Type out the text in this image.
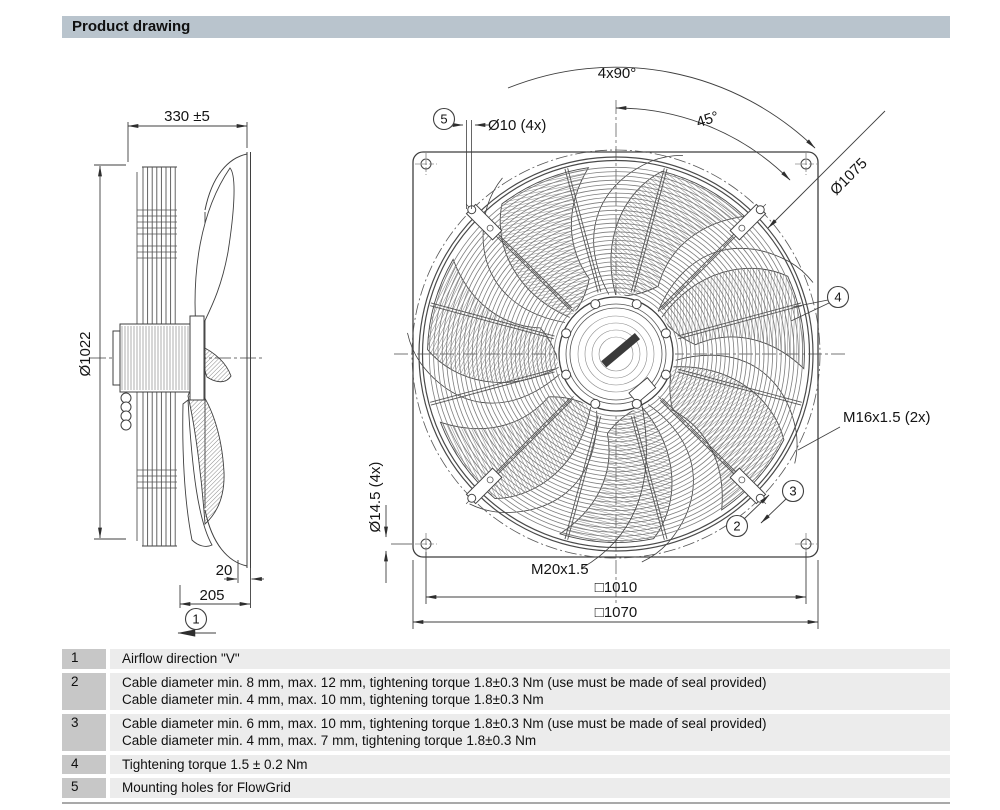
Product drawing
330 ±5
Ø1022
20
205
1
4x90°
45°
Ø10 (4x)
Ø1075
M16x1.5 (2x)
M20x1.5
Ø14.5 (4x)
□1010
□1070
5
4
3
2
1	Airflow direction "V"
2	Cable diameter min. 8 mm, max. 12 mm, tightening torque 1.8±0.3 Nm (use must be made of seal provided)
Cable diameter min. 4 mm, max. 10 mm, tightening torque 1.8±0.3 Nm
3	Cable diameter min. 6 mm, max. 10 mm, tightening torque 1.8±0.3 Nm (use must be made of seal provided)
Cable diameter min. 4 mm, max. 7 mm, tightening torque 1.8±0.3 Nm
4	Tightening torque 1.5 ± 0.2 Nm
5	Mounting holes for FlowGrid
